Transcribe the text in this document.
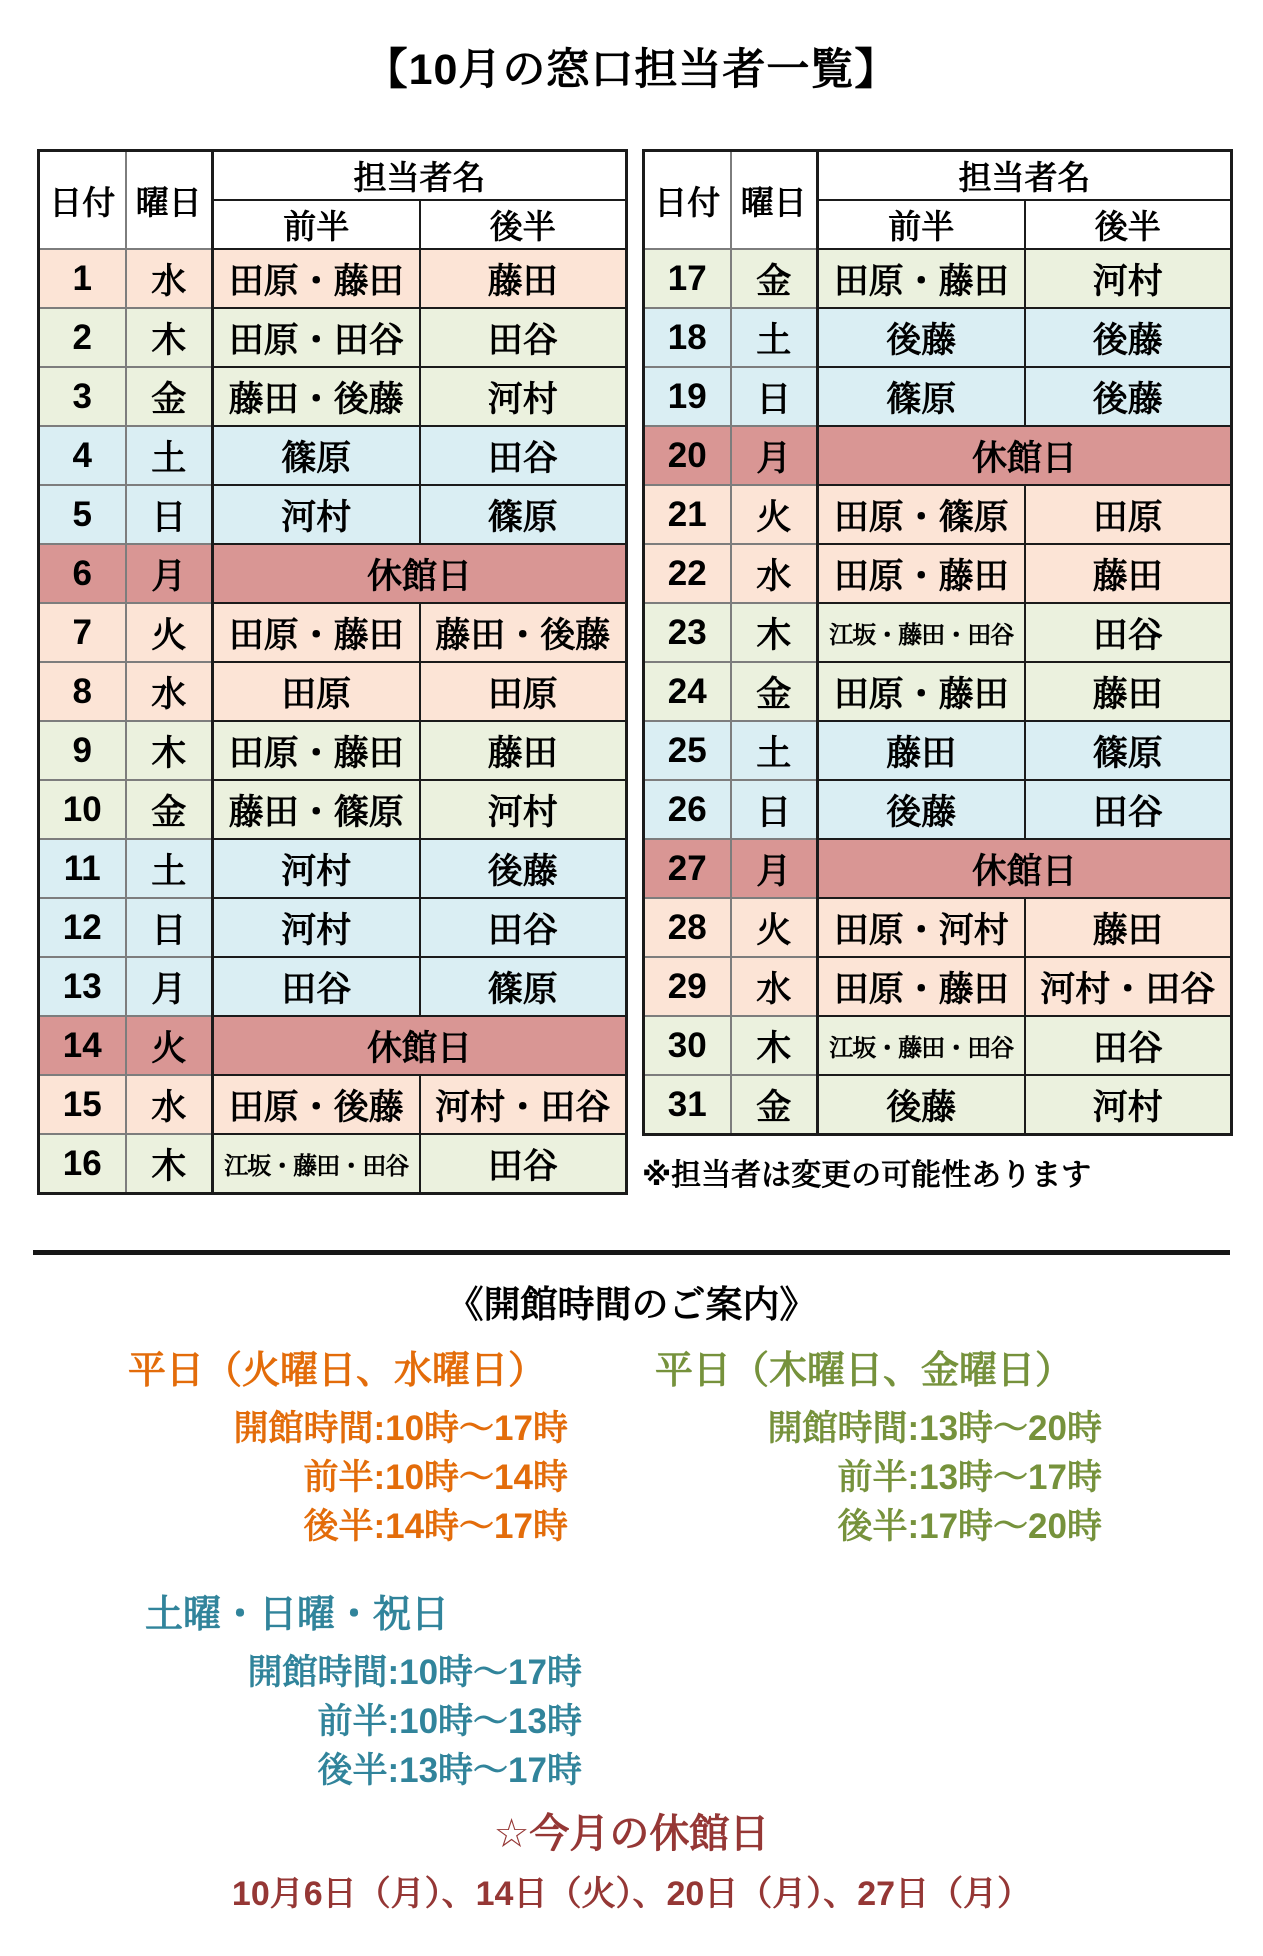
【10月の窓口担当者一覧】
日付	曜日	担当者名	
		前半	後半
1	水	田原・藤田	藤田
2	木	田原・田谷	田谷
3	金	藤田・後藤	河村
4	土	篠原	田谷
5	日	河村	篠原
6	月	休館日	
7	火	田原・藤田	藤田・後藤
8	水	田原	田原
9	木	田原・藤田	藤田
10	金	藤田・篠原	河村
11	土	河村	後藤
12	日	河村	田谷
13	月	田谷	篠原
14	火	休館日	
15	水	田原・後藤	河村・田谷
16	木	江坂・藤田・田谷	田谷
日付	曜日	担当者名	
		前半	後半
17	金	田原・藤田	河村
18	土	後藤	後藤
19	日	篠原	後藤
20	月	休館日	
21	火	田原・篠原	田原
22	水	田原・藤田	藤田
23	木	江坂・藤田・田谷	田谷
24	金	田原・藤田	藤田
25	土	藤田	篠原
26	日	後藤	田谷
27	月	休館日	
28	火	田原・河村	藤田
29	水	田原・藤田	河村・田谷
30	木	江坂・藤田・田谷	田谷
31	金	後藤	河村
※担当者は変更の可能性あります
《開館時間のご案内》
平日（火曜日、水曜日）
開館時間:10時～17時
前半:10時～14時
後半:14時～17時
平日（木曜日、金曜日）
開館時間:13時～20時
前半:13時～17時
後半:17時～20時
土曜・日曜・祝日
開館時間:10時～17時
前半:10時～13時
後半:13時～17時
☆今月の休館日
10月6日（月）、14日（火）、20日（月）、27日（月）
